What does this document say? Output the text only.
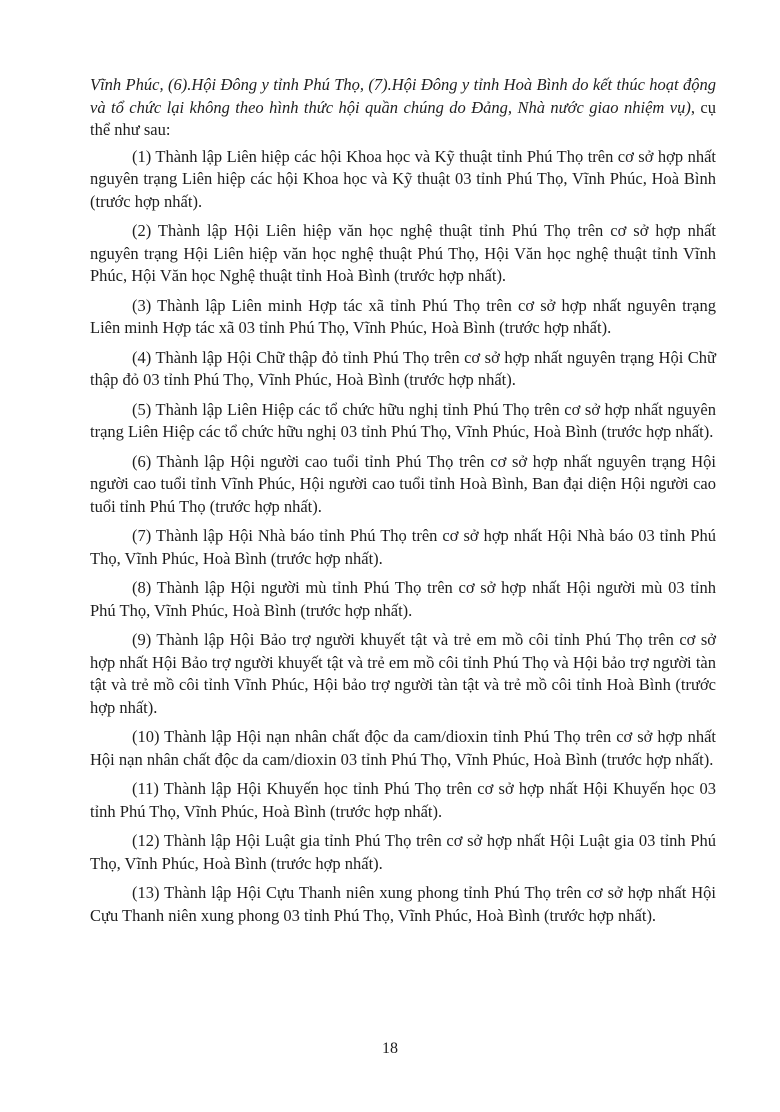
Vĩnh Phúc, (6).Hội Đông y tỉnh Phú Thọ, (7).Hội Đông y tỉnh Hoà Bình do kết thúc hoạt động và tổ chức lại không theo hình thức hội quần chúng do Đảng, Nhà nước giao nhiệm vụ), cụ thể như sau:

(1) Thành lập Liên hiệp các hội Khoa học và Kỹ thuật tỉnh Phú Thọ trên cơ sở hợp nhất nguyên trạng Liên hiệp các hội Khoa học và Kỹ thuật 03 tỉnh Phú Thọ, Vĩnh Phúc, Hoà Bình (trước hợp nhất).

(2) Thành lập Hội Liên hiệp văn học nghệ thuật tỉnh Phú Thọ trên cơ sở hợp nhất nguyên trạng Hội Liên hiệp văn học nghệ thuật Phú Thọ, Hội Văn học nghệ thuật tỉnh Vĩnh Phúc, Hội Văn học Nghệ thuật tỉnh Hoà Bình (trước hợp nhất).

(3) Thành lập Liên minh Hợp tác xã tỉnh Phú Thọ trên cơ sở hợp nhất nguyên trạng Liên minh Hợp tác xã 03 tỉnh Phú Thọ, Vĩnh Phúc, Hoà Bình (trước hợp nhất).

(4) Thành lập Hội Chữ thập đỏ tỉnh Phú Thọ trên cơ sở hợp nhất nguyên trạng Hội Chữ thập đỏ 03 tỉnh Phú Thọ, Vĩnh Phúc, Hoà Bình (trước hợp nhất).

(5) Thành lập Liên Hiệp các tổ chức hữu nghị tỉnh Phú Thọ trên cơ sở hợp nhất nguyên trạng Liên Hiệp các tổ chức hữu nghị 03 tỉnh Phú Thọ, Vĩnh Phúc, Hoà Bình (trước hợp nhất).

(6) Thành lập Hội người cao tuổi tỉnh Phú Thọ trên cơ sở hợp nhất nguyên trạng Hội người cao tuổi tỉnh Vĩnh Phúc, Hội người cao tuổi tỉnh Hoà Bình, Ban đại diện Hội người cao tuổi tỉnh Phú Thọ (trước hợp nhất).

(7) Thành lập Hội Nhà báo tỉnh Phú Thọ trên cơ sở hợp nhất Hội Nhà báo 03 tỉnh Phú Thọ, Vĩnh Phúc, Hoà Bình (trước hợp nhất).

(8) Thành lập Hội người mù tỉnh Phú Thọ trên cơ sở hợp nhất Hội người mù 03 tỉnh Phú Thọ, Vĩnh Phúc, Hoà Bình (trước hợp nhất).

(9) Thành lập Hội Bảo trợ người khuyết tật và trẻ em mồ côi tỉnh Phú Thọ trên cơ sở hợp nhất Hội Bảo trợ người khuyết tật và trẻ em mồ côi tỉnh Phú Thọ và Hội bảo trợ người tàn tật và trẻ mồ côi tỉnh Vĩnh Phúc, Hội bảo trợ người tàn tật và trẻ mồ côi tỉnh Hoà Bình (trước hợp nhất).

(10) Thành lập Hội nạn nhân chất độc da cam/dioxin tỉnh Phú Thọ trên cơ sở hợp nhất Hội nạn nhân chất độc da cam/dioxin 03 tỉnh Phú Thọ, Vĩnh Phúc, Hoà Bình (trước hợp nhất).

(11) Thành lập Hội Khuyến học tỉnh Phú Thọ trên cơ sở hợp nhất Hội Khuyến học 03 tỉnh Phú Thọ, Vĩnh Phúc, Hoà Bình (trước hợp nhất).

(12) Thành lập Hội Luật gia tỉnh Phú Thọ trên cơ sở hợp nhất Hội Luật gia 03 tỉnh Phú Thọ, Vĩnh Phúc, Hoà Bình (trước hợp nhất).

(13) Thành lập Hội Cựu Thanh niên xung phong tỉnh Phú Thọ trên cơ sở hợp nhất Hội Cựu Thanh niên xung phong 03 tỉnh Phú Thọ, Vĩnh Phúc, Hoà Bình (trước hợp nhất).

18
